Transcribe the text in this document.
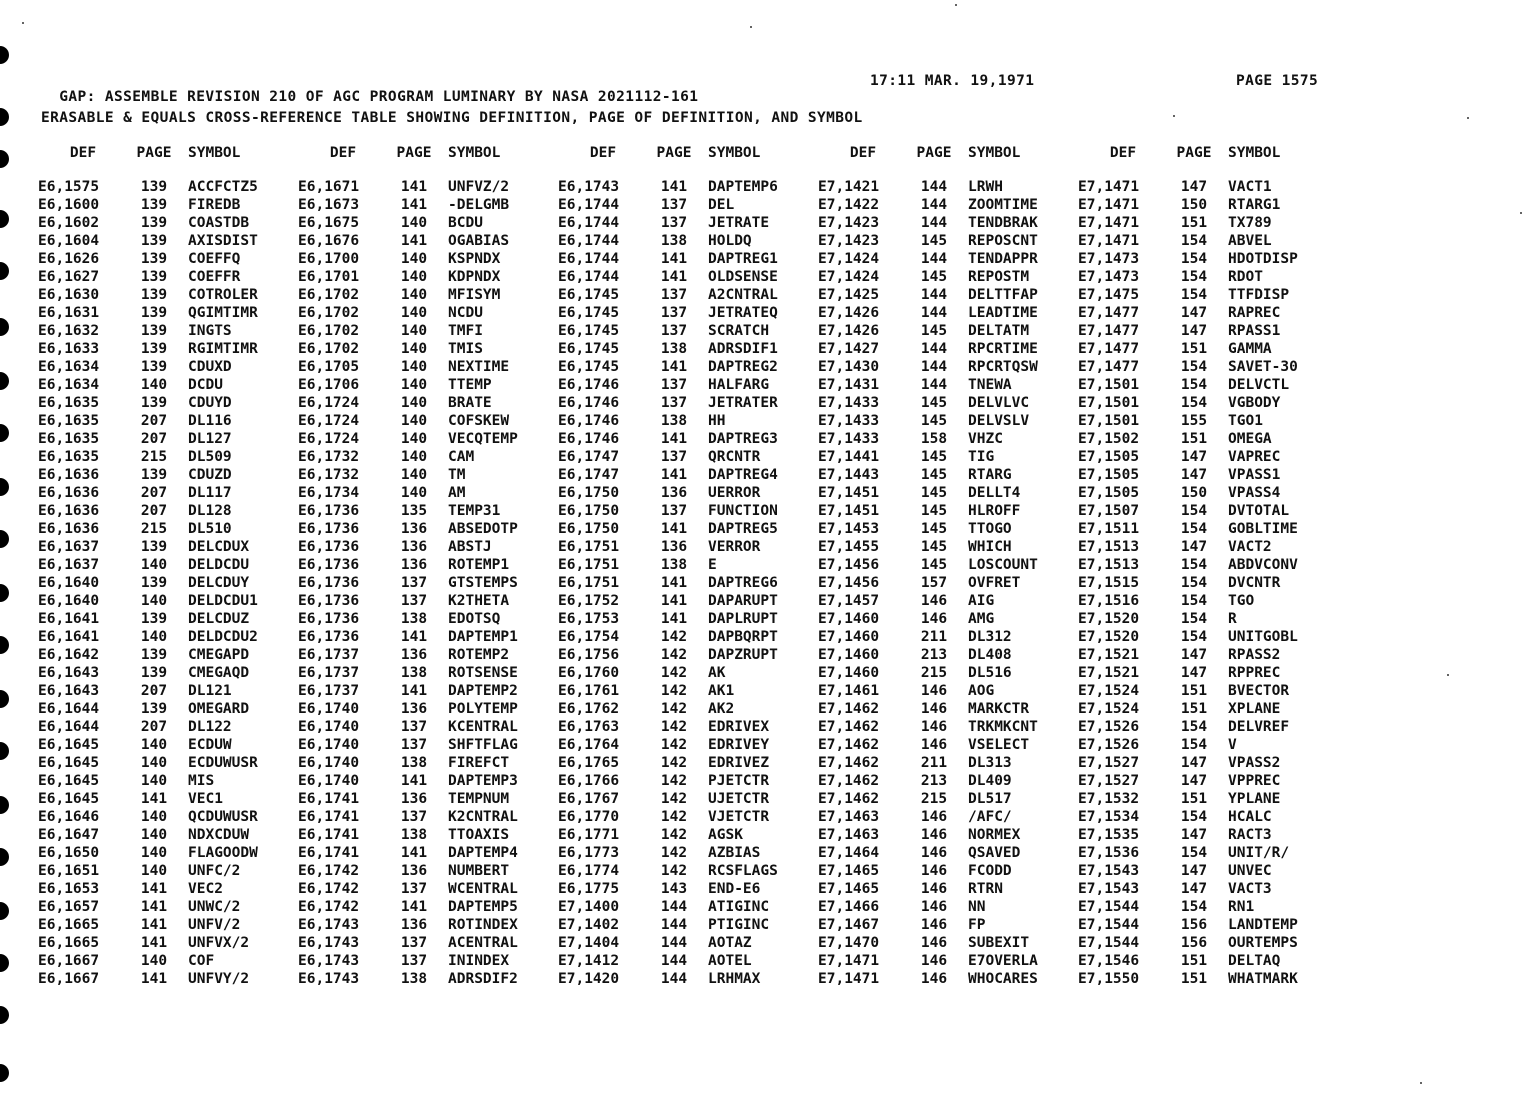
GAP: ASSEMBLE REVISION 210 OF AGC PROGRAM LUMINARY BY NASA 2021112-161

17:11 MAR. 19,1971	PAGE 1575
ERASABLE & EQUALS CROSS-REFERENCE TABLE SHOWING DEFINITION, PAGE OF DEFINITION, AND SYMBOL
DEF	PAGE	SYMBOL	DEF	PAGE	SYMBOL	DEF	PAGE	SYMBOL	DEF	PAGE	SYMBOL	DEF	PAGE	SYMBOL
E6,1575	139	ACCFCTZ5	E6,1671	141	UNFVZ/2	E6,1743	141	DAPTEMP6	E7,1421	144	LRWH	E7,1471	147	VACT1
E6,1600	139	FIREDB	E6,1673	141	-DELGMB	E6,1744	137	DEL	E7,1422	144	ZOOMTIME	E7,1471	150	RTARG1
E6,1602	139	COASTDB	E6,1675	140	BCDU	E6,1744	137	JETRATE	E7,1423	144	TENDBRAK	E7,1471	151	TX789
E6,1604	139	AXISDIST	E6,1676	141	OGABIAS	E6,1744	138	HOLDQ	E7,1423	145	REPOSCNT	E7,1471	154	ABVEL
E6,1626	139	COEFFQ	E6,1700	140	KSPNDX	E6,1744	141	DAPTREG1	E7,1424	144	TENDAPPR	E7,1473	154	HDOTDISP
E6,1627	139	COEFFR	E6,1701	140	KDPNDX	E6,1744	141	OLDSENSE	E7,1424	145	REPOSTM	E7,1473	154	RDOT
E6,1630	139	COTROLER	E6,1702	140	MFISYM	E6,1745	137	A2CNTRAL	E7,1425	144	DELTTFAP	E7,1475	154	TTFDISP
E6,1631	139	QGIMTIMR	E6,1702	140	NCDU	E6,1745	137	JETRATEQ	E7,1426	144	LEADTIME	E7,1477	147	RAPREC
E6,1632	139	INGTS	E6,1702	140	TMFI	E6,1745	137	SCRATCH	E7,1426	145	DELTATM	E7,1477	147	RPASS1
E6,1633	139	RGIMTIMR	E6,1702	140	TMIS	E6,1745	138	ADRSDIF1	E7,1427	144	RPCRTIME	E7,1477	151	GAMMA
E6,1634	139	CDUXD	E6,1705	140	NEXTIME	E6,1745	141	DAPTREG2	E7,1430	144	RPCRTQSW	E7,1477	154	SAVET-30
E6,1634	140	DCDU	E6,1706	140	TTEMP	E6,1746	137	HALFARG	E7,1431	144	TNEWA	E7,1501	154	DELVCTL
E6,1635	139	CDUYD	E6,1724	140	BRATE	E6,1746	137	JETRATER	E7,1433	145	DELVLVC	E7,1501	154	VGBODY
E6,1635	207	DL116	E6,1724	140	COFSKEW	E6,1746	138	HH	E7,1433	145	DELVSLV	E7,1501	155	TGO1
E6,1635	207	DL127	E6,1724	140	VECQTEMP	E6,1746	141	DAPTREG3	E7,1433	158	VHZC	E7,1502	151	OMEGA
E6,1635	215	DL509	E6,1732	140	CAM	E6,1747	137	QRCNTR	E7,1441	145	TIG	E7,1505	147	VAPREC
E6,1636	139	CDUZD	E6,1732	140	TM	E6,1747	141	DAPTREG4	E7,1443	145	RTARG	E7,1505	147	VPASS1
E6,1636	207	DL117	E6,1734	140	AM	E6,1750	136	UERROR	E7,1451	145	DELLT4	E7,1505	150	VPASS4
E6,1636	207	DL128	E6,1736	135	TEMP31	E6,1750	137	FUNCTION	E7,1451	145	HLROFF	E7,1507	154	DVTOTAL
E6,1636	215	DL510	E6,1736	136	ABSEDOTP	E6,1750	141	DAPTREG5	E7,1453	145	TTOGO	E7,1511	154	GOBLTIME
E6,1637	139	DELCDUX	E6,1736	136	ABSTJ	E6,1751	136	VERROR	E7,1455	145	WHICH	E7,1513	147	VACT2
E6,1637	140	DELDCDU	E6,1736	136	ROTEMP1	E6,1751	138	E	E7,1456	145	LOSCOUNT	E7,1513	154	ABDVCONV
E6,1640	139	DELCDUY	E6,1736	137	GTSTEMPS	E6,1751	141	DAPTREG6	E7,1456	157	OVFRET	E7,1515	154	DVCNTR
E6,1640	140	DELDCDU1	E6,1736	137	K2THETA	E6,1752	141	DAPARUPT	E7,1457	146	AIG	E7,1516	154	TGO
E6,1641	139	DELCDUZ	E6,1736	138	EDOTSQ	E6,1753	141	DAPLRUPT	E7,1460	146	AMG	E7,1520	154	R
E6,1641	140	DELDCDU2	E6,1736	141	DAPTEMP1	E6,1754	142	DAPBQRPT	E7,1460	211	DL312	E7,1520	154	UNITGOBL
E6,1642	139	CMEGAPD	E6,1737	136	ROTEMP2	E6,1756	142	DAPZRUPT	E7,1460	213	DL408	E7,1521	147	RPASS2
E6,1643	139	CMEGAQD	E6,1737	138	ROTSENSE	E6,1760	142	AK	E7,1460	215	DL516	E7,1521	147	RPPREC
E6,1643	207	DL121	E6,1737	141	DAPTEMP2	E6,1761	142	AK1	E7,1461	146	AOG	E7,1524	151	BVECTOR
E6,1644	139	OMEGARD	E6,1740	136	POLYTEMP	E6,1762	142	AK2	E7,1462	146	MARKCTR	E7,1524	151	XPLANE
E6,1644	207	DL122	E6,1740	137	KCENTRAL	E6,1763	142	EDRIVEX	E7,1462	146	TRKMKCNT	E7,1526	154	DELVREF
E6,1645	140	ECDUW	E6,1740	137	SHFTFLAG	E6,1764	142	EDRIVEY	E7,1462	146	VSELECT	E7,1526	154	V
E6,1645	140	ECDUWUSR	E6,1740	138	FIREFCT	E6,1765	142	EDRIVEZ	E7,1462	211	DL313	E7,1527	147	VPASS2
E6,1645	140	MIS	E6,1740	141	DAPTEMP3	E6,1766	142	PJETCTR	E7,1462	213	DL409	E7,1527	147	VPPREC
E6,1645	141	VEC1	E6,1741	136	TEMPNUM	E6,1767	142	UJETCTR	E7,1462	215	DL517	E7,1532	151	YPLANE
E6,1646	140	QCDUWUSR	E6,1741	137	K2CNTRAL	E6,1770	142	VJETCTR	E7,1463	146	/AFC/	E7,1534	154	HCALC
E6,1647	140	NDXCDUW	E6,1741	138	TTOAXIS	E6,1771	142	AGSK	E7,1463	146	NORMEX	E7,1535	147	RACT3
E6,1650	140	FLAGOODW	E6,1741	141	DAPTEMP4	E6,1773	142	AZBIAS	E7,1464	146	QSAVED	E7,1536	154	UNIT/R/
E6,1651	140	UNFC/2	E6,1742	136	NUMBERT	E6,1774	142	RCSFLAGS	E7,1465	146	FCODD	E7,1543	147	UNVEC
E6,1653	141	VEC2	E6,1742	137	WCENTRAL	E6,1775	143	END-E6	E7,1465	146	RTRN	E7,1543	147	VACT3
E6,1657	141	UNWC/2	E6,1742	141	DAPTEMP5	E7,1400	144	ATIGINC	E7,1466	146	NN	E7,1544	154	RN1
E6,1665	141	UNFV/2	E6,1743	136	ROTINDEX	E7,1402	144	PTIGINC	E7,1467	146	FP	E7,1544	156	LANDTEMP
E6,1665	141	UNFVX/2	E6,1743	137	ACENTRAL	E7,1404	144	AOTAZ	E7,1470	146	SUBEXIT	E7,1544	156	OURTEMPS
E6,1667	140	COF	E6,1743	137	ININDEX	E7,1412	144	AOTEL	E7,1471	146	E7OVERLA	E7,1546	151	DELTAQ
E6,1667	141	UNFVY/2	E6,1743	138	ADRSDIF2	E7,1420	144	LRHMAX	E7,1471	146	WHOCARES	E7,1550	151	WHATMARK
